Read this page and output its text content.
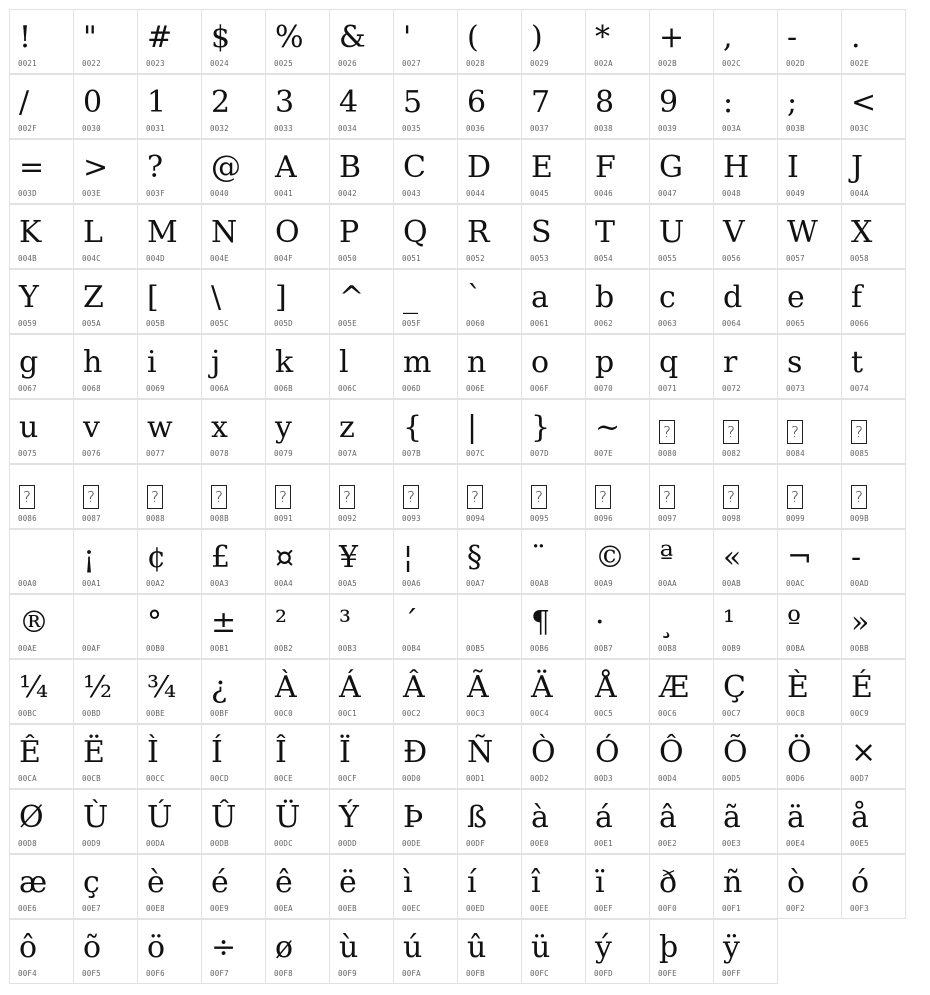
!
0021
"
0022
#
0023
$
0024
%
0025
&
0026
'
0027
(
0028
)
0029
*
002A
+
002B
,
002C
-
002D
.
002E
/
002F
0
0030
1
0031
2
0032
3
0033
4
0034
5
0035
6
0036
7
0037
8
0038
9
0039
:
003A
;
003B
<
003C
=
003D
>
003E
?
003F
@
0040
A
0041
B
0042
C
0043
D
0044
E
0045
F
0046
G
0047
H
0048
I
0049
J
004A
K
004B
L
004C
M
004D
N
004E
O
004F
P
0050
Q
0051
R
0052
S
0053
T
0054
U
0055
V
0056
W
0057
X
0058
Y
0059
Z
005A
[
005B
\
005C
]
005D
^
005E
_
005F
`
0060
a
0061
b
0062
c
0063
d
0064
e
0065
f
0066
g
0067
h
0068
i
0069
j
006A
k
006B
l
006C
m
006D
n
006E
o
006F
p
0070
q
0071
r
0072
s
0073
t
0074
u
0075
v
0076
w
0077
x
0078
y
0079
z
007A
{
007B
|
007C
}
007D
~
007E
?
0080
?
0082
?
0084
?
0085
?
0086
?
0087
?
0088
?
008B
?
0091
?
0092
?
0093
?
0094
?
0095
?
0096
?
0097
?
0098
?
0099
?
009B
00A0
¡
00A1
¢
00A2
£
00A3
¤
00A4
¥
00A5
¦
00A6
§
00A7
¨
00A8
©
00A9
ª
00AA
«
00AB
¬
00AC
-
00AD
®
00AE	00AF
°
00B0
±
00B1
²
00B2
³
00B3
´
00B4	00B5
¶
00B6
·
00B7
¸
00B8
¹
00B9
º
00BA
»
00BB
¼
00BC
½
00BD
¾
00BE
¿
00BF
À
00C0
Á
00C1
Â
00C2
Ã
00C3
Ä
00C4
Å
00C5
Æ
00C6
Ç
00C7
È
00C8
É
00C9
Ê
00CA
Ë
00CB
Ì
00CC
Í
00CD
Î
00CE
Ï
00CF
Ð
00D0
Ñ
00D1
Ò
00D2
Ó
00D3
Ô
00D4
Õ
00D5
Ö
00D6
×
00D7
Ø
00D8
Ù
00D9
Ú
00DA
Û
00DB
Ü
00DC
Ý
00DD
Þ
00DE
ß
00DF
à
00E0
á
00E1
â
00E2
ã
00E3
ä
00E4
å
00E5
æ
00E6
ç
00E7
è
00E8
é
00E9
ê
00EA
ë
00EB
ì
00EC
í
00ED
î
00EE
ï
00EF
ð
00F0
ñ
00F1
ò
00F2
ó
00F3
ô
00F4
õ
00F5
ö
00F6
÷
00F7
ø
00F8
ù
00F9
ú
00FA
û
00FB
ü
00FC
ý
00FD
þ
00FE
ÿ
00FF
